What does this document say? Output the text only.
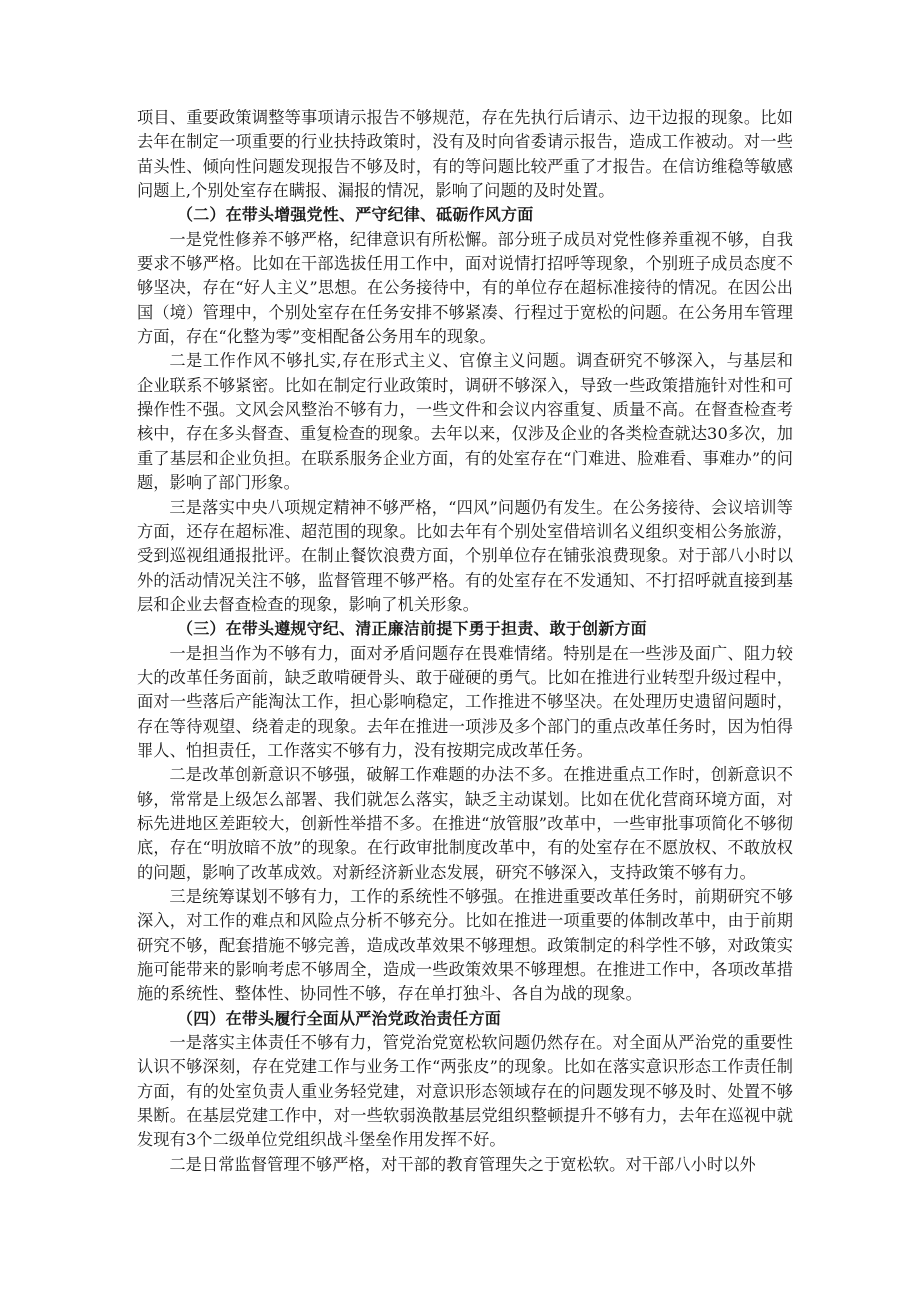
项目、重要政策调整等事项请示报告不够规范，存在先执行后请示、边干边报的现象。比如去年在制定一项重要的行业扶持政策时，没有及时向省委请示报告，造成工作被动。对一些苗头性、倾向性问题发现报告不够及时，有的等问题比较严重了才报告。在信访维稳等敏感问题上,个别处室存在瞒报、漏报的情况，影响了问题的及时处置。

（二）在带头增强党性、严守纪律、砥砺作风方面

一是党性修养不够严格，纪律意识有所松懈。部分班子成员对党性修养重视不够，自我要求不够严格。比如在干部选拔任用工作中，面对说情打招呼等现象，个别班子成员态度不够坚决，存在“好人主义”思想。在公务接待中，有的单位存在超标准接待的情况。在因公出国（境）管理中，个别处室存在任务安排不够紧凑、行程过于宽松的问题。在公务用车管理方面，存在“化整为零”变相配备公务用车的现象。

二是工作作风不够扎实,存在形式主义、官僚主义问题。调查研究不够深入，与基层和企业联系不够紧密。比如在制定行业政策时，调研不够深入，导致一些政策措施针对性和可操作性不强。文风会风整治不够有力，一些文件和会议内容重复、质量不高。在督查检查考核中，存在多头督查、重复检查的现象。去年以来，仅涉及企业的各类检查就达30多次，加重了基层和企业负担。在联系服务企业方面，有的处室存在“门难进、脸难看、事难办”的问题，影响了部门形象。

三是落实中央八项规定精神不够严格，“四风”问题仍有发生。在公务接待、会议培训等方面，还存在超标准、超范围的现象。比如去年有个别处室借培训名义组织变相公务旅游，受到巡视组通报批评。在制止餐饮浪费方面，个别单位存在铺张浪费现象。对于部八小时以外的活动情况关注不够，监督管理不够严格。有的处室存在不发通知、不打招呼就直接到基层和企业去督查检查的现象，影响了机关形象。

（三）在带头遵规守纪、清正廉洁前提下勇于担责、敢于创新方面

一是担当作为不够有力，面对矛盾问题存在畏难情绪。特别是在一些涉及面广、阻力较大的改革任务面前，缺乏敢啃硬骨头、敢于碰硬的勇气。比如在推进行业转型升级过程中，面对一些落后产能淘汰工作，担心影响稳定，工作推进不够坚决。在处理历史遗留问题时，存在等待观望、绕着走的现象。去年在推进一项涉及多个部门的重点改革任务时，因为怕得罪人、怕担责任，工作落实不够有力，没有按期完成改革任务。

二是改革创新意识不够强，破解工作难题的办法不多。在推进重点工作时，创新意识不够，常常是上级怎么部署、我们就怎么落实，缺乏主动谋划。比如在优化营商环境方面，对标先进地区差距较大，创新性举措不多。在推进“放管服”改革中，一些审批事项简化不够彻底，存在“明放暗不放”的现象。在行政审批制度改革中，有的处室存在不愿放权、不敢放权的问题，影响了改革成效。对新经济新业态发展，研究不够深入，支持政策不够有力。

三是统筹谋划不够有力，工作的系统性不够强。在推进重要改革任务时，前期研究不够深入，对工作的难点和风险点分析不够充分。比如在推进一项重要的体制改革中，由于前期研究不够，配套措施不够完善，造成改革效果不够理想。政策制定的科学性不够，对政策实施可能带来的影响考虑不够周全，造成一些政策效果不够理想。在推进工作中，各项改革措施的系统性、整体性、协同性不够，存在单打独斗、各自为战的现象。

（四）在带头履行全面从严治党政治责任方面

一是落实主体责任不够有力，管党治党宽松软问题仍然存在。对全面从严治党的重要性认识不够深刻，存在党建工作与业务工作“两张皮”的现象。比如在落实意识形态工作责任制方面，有的处室负责人重业务轻党建，对意识形态领域存在的问题发现不够及时、处置不够果断。在基层党建工作中，对一些软弱涣散基层党组织整顿提升不够有力，去年在巡视中就发现有3个二级单位党组织战斗堡垒作用发挥不好。

二是日常监督管理不够严格，对干部的教育管理失之于宽松软。对干部八小时以外
